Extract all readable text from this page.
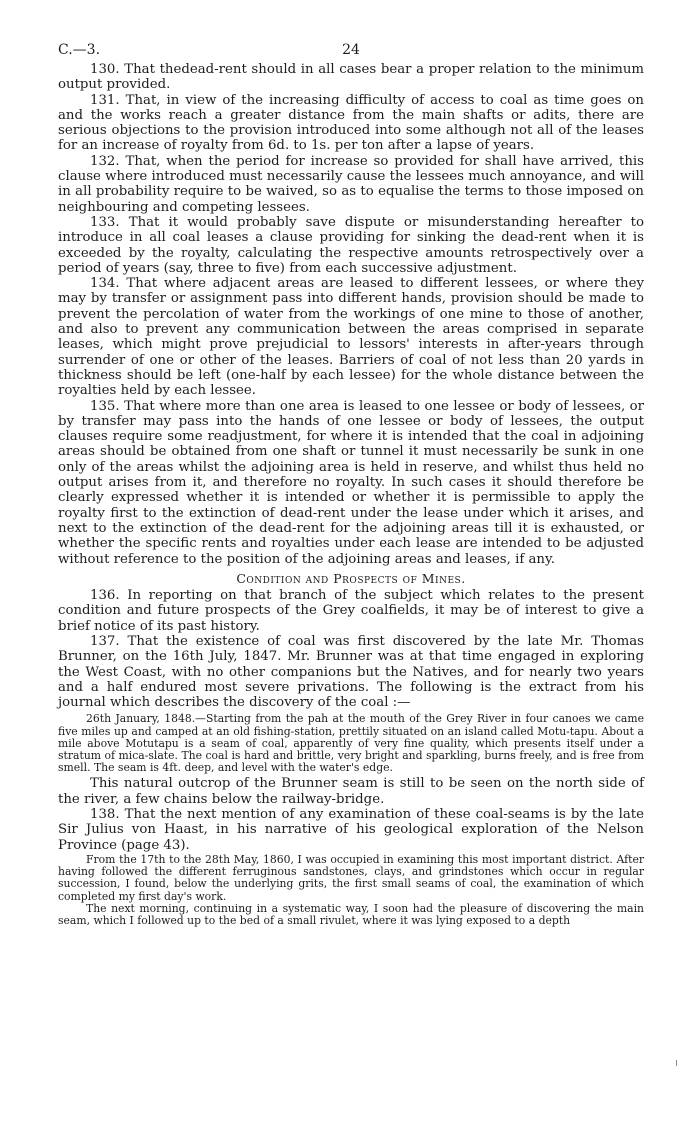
C.—3.	24

130. That thedead-rent should in all cases bear a proper relation to the minimum output provided.

131. That, in view of the increasing difficulty of access to coal as time goes on and the works reach a greater distance from the main shafts or adits, there are serious objections to the provision introduced into some although not all of the leases for an increase of royalty from 6d. to 1s. per ton after a lapse of years.

132. That, when the period for increase so provided for shall have arrived, this clause where introduced must necessarily cause the lessees much annoyance, and will in all probability require to be waived, so as to equalise the terms to those imposed on neighbouring and competing lessees.

133. That it would probably save dispute or misunderstanding hereafter to introduce in all coal leases a clause providing for sinking the dead-rent when it is exceeded by the royalty, calculating the respective amounts retrospectively over a period of years (say, three to five) from each successive adjustment.

134. That where adjacent areas are leased to different lessees, or where they may by transfer or assignment pass into different hands, provision should be made to prevent the percolation of water from the workings of one mine to those of another, and also to prevent any communication between the areas comprised in separate leases, which might prove prejudicial to lessors' interests in after-years through surrender of one or other of the leases. Barriers of coal of not less than 20 yards in thickness should be left (one-half by each lessee) for the whole distance between the royalties held by each lessee.

135. That where more than one area is leased to one lessee or body of lessees, or by transfer may pass into the hands of one lessee or body of lessees, the output clauses require some readjustment, for where it is intended that the coal in adjoining areas should be obtained from one shaft or tunnel it must necessarily be sunk in one only of the areas whilst the adjoining area is held in reserve, and whilst thus held no output arises from it, and therefore no royalty. In such cases it should therefore be clearly expressed whether it is intended or whether it is permissible to apply the royalty first to the extinction of dead-rent under the lease under which it arises, and next to the extinction of the dead-rent for the adjoining areas till it is exhausted, or whether the specific rents and royalties under each lease are intended to be adjusted without reference to the position of the adjoining areas and leases, if any.

Condition and Prospects of Mines.

136. In reporting on that branch of the subject which relates to the present condition and future prospects of the Grey coalfields, it may be of interest to give a brief notice of its past history.

137. That the existence of coal was first discovered by the late Mr. Thomas Brunner, on the 16th July, 1847. Mr. Brunner was at that time engaged in exploring the West Coast, with no other companions but the Natives, and for nearly two years and a half endured most severe privations. The following is the extract from his journal which describes the discovery of the coal :—

26th January, 1848.—Starting from the pah at the mouth of the Grey River in four canoes we came five miles up and camped at an old fishing-station, prettily situated on an island called Motu-tapu. About a mile above Motutapu is a seam of coal, apparently of very fine quality, which presents itself under a stratum of mica-slate. The coal is hard and brittle, very bright and sparkling, burns freely, and is free from smell. The seam is 4ft. deep, and level with the water's edge.

This natural outcrop of the Brunner seam is still to be seen on the north side of the river, a few chains below the railway-bridge.

138. That the next mention of any examination of these coal-seams is by the late Sir Julius von Haast, in his narrative of his geological exploration of the Nelson Province (page 43).

From the 17th to the 28th May, 1860, I was occupied in examining this most important district. After having followed the different ferruginous sandstones, clays, and grindstones which occur in regular succession, I found, below the underlying grits, the first small seams of coal, the examination of which completed my first day's work.

The next morning, continuing in a systematic way, I soon had the pleasure of discovering the main seam, which I followed up to the bed of a small rivulet, where it was lying exposed to a depth
